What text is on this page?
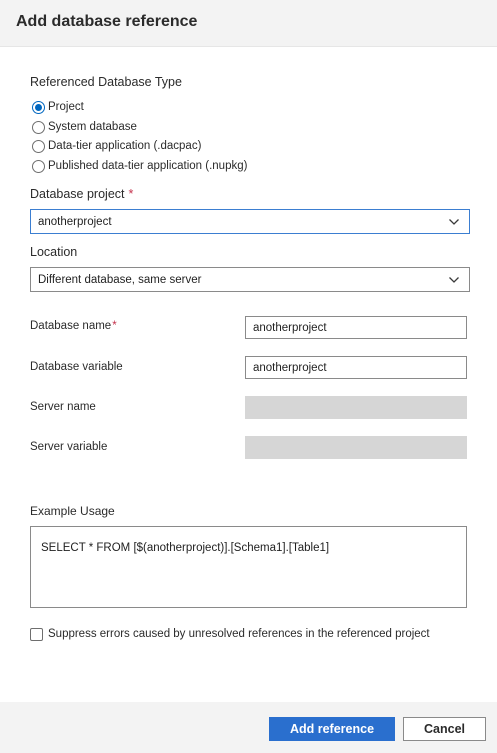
Add database reference
Referenced Database Type
Project
System database
Data-tier application (.dacpac)
Published data-tier application (.nupkg)
Database project *
anotherproject
Location
Different database, same server
Database name*
anotherproject
Database variable
anotherproject
Server name
Server variable
Example Usage
SELECT * FROM [$(anotherproject)].[Schema1].[Table1]
Suppress errors caused by unresolved references in the referenced project
Add reference	Cancel
